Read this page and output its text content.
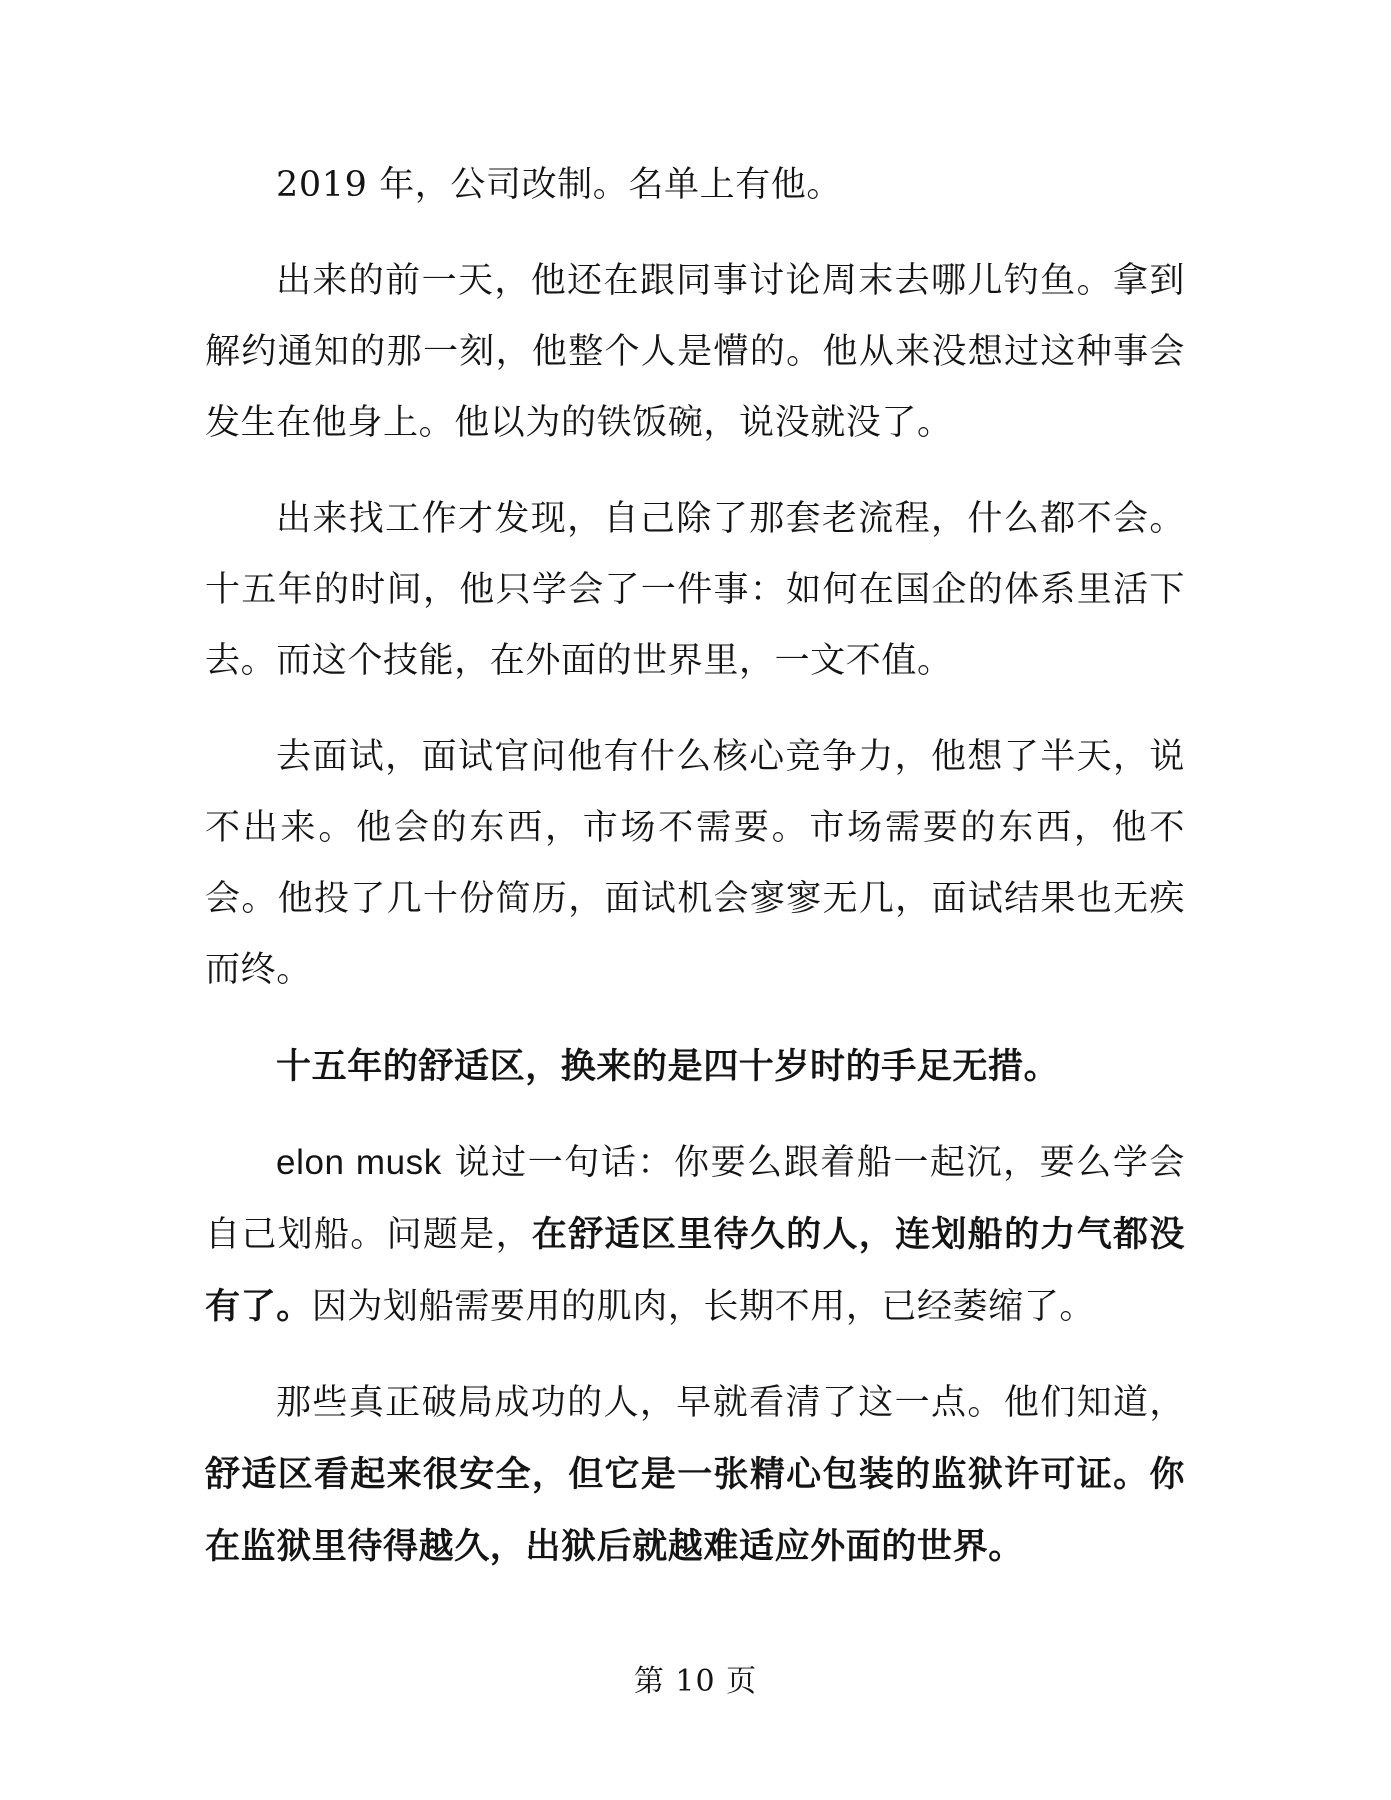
2019 年，公司改制。名单上有他。

出来的前一天，他还在跟同事讨论周末去哪儿钓鱼。拿到解约通知的那一刻，他整个人是懵的。他从来没想过这种事会发生在他身上。他以为的铁饭碗，说没就没了。

出来找工作才发现，自己除了那套老流程，什么都不会。十五年的时间，他只学会了一件事：如何在国企的体系里活下去。而这个技能，在外面的世界里，一文不值。

去面试，面试官问他有什么核心竞争力，他想了半天，说不出来。他会的东西，市场不需要。市场需要的东西，他不会。他投了几十份简历，面试机会寥寥无几，面试结果也无疾而终。

十五年的舒适区，换来的是四十岁时的手足无措。

elon musk 说过一句话：你要么跟着船一起沉，要么学会自己划船。问题是，在舒适区里待久的人，连划船的力气都没有了。因为划船需要用的肌肉，长期不用，已经萎缩了。

那些真正破局成功的人，早就看清了这一点。他们知道，舒适区看起来很安全，但它是一张精心包装的监狱许可证。你在监狱里待得越久，出狱后就越难适应外面的世界。

第 10 页
